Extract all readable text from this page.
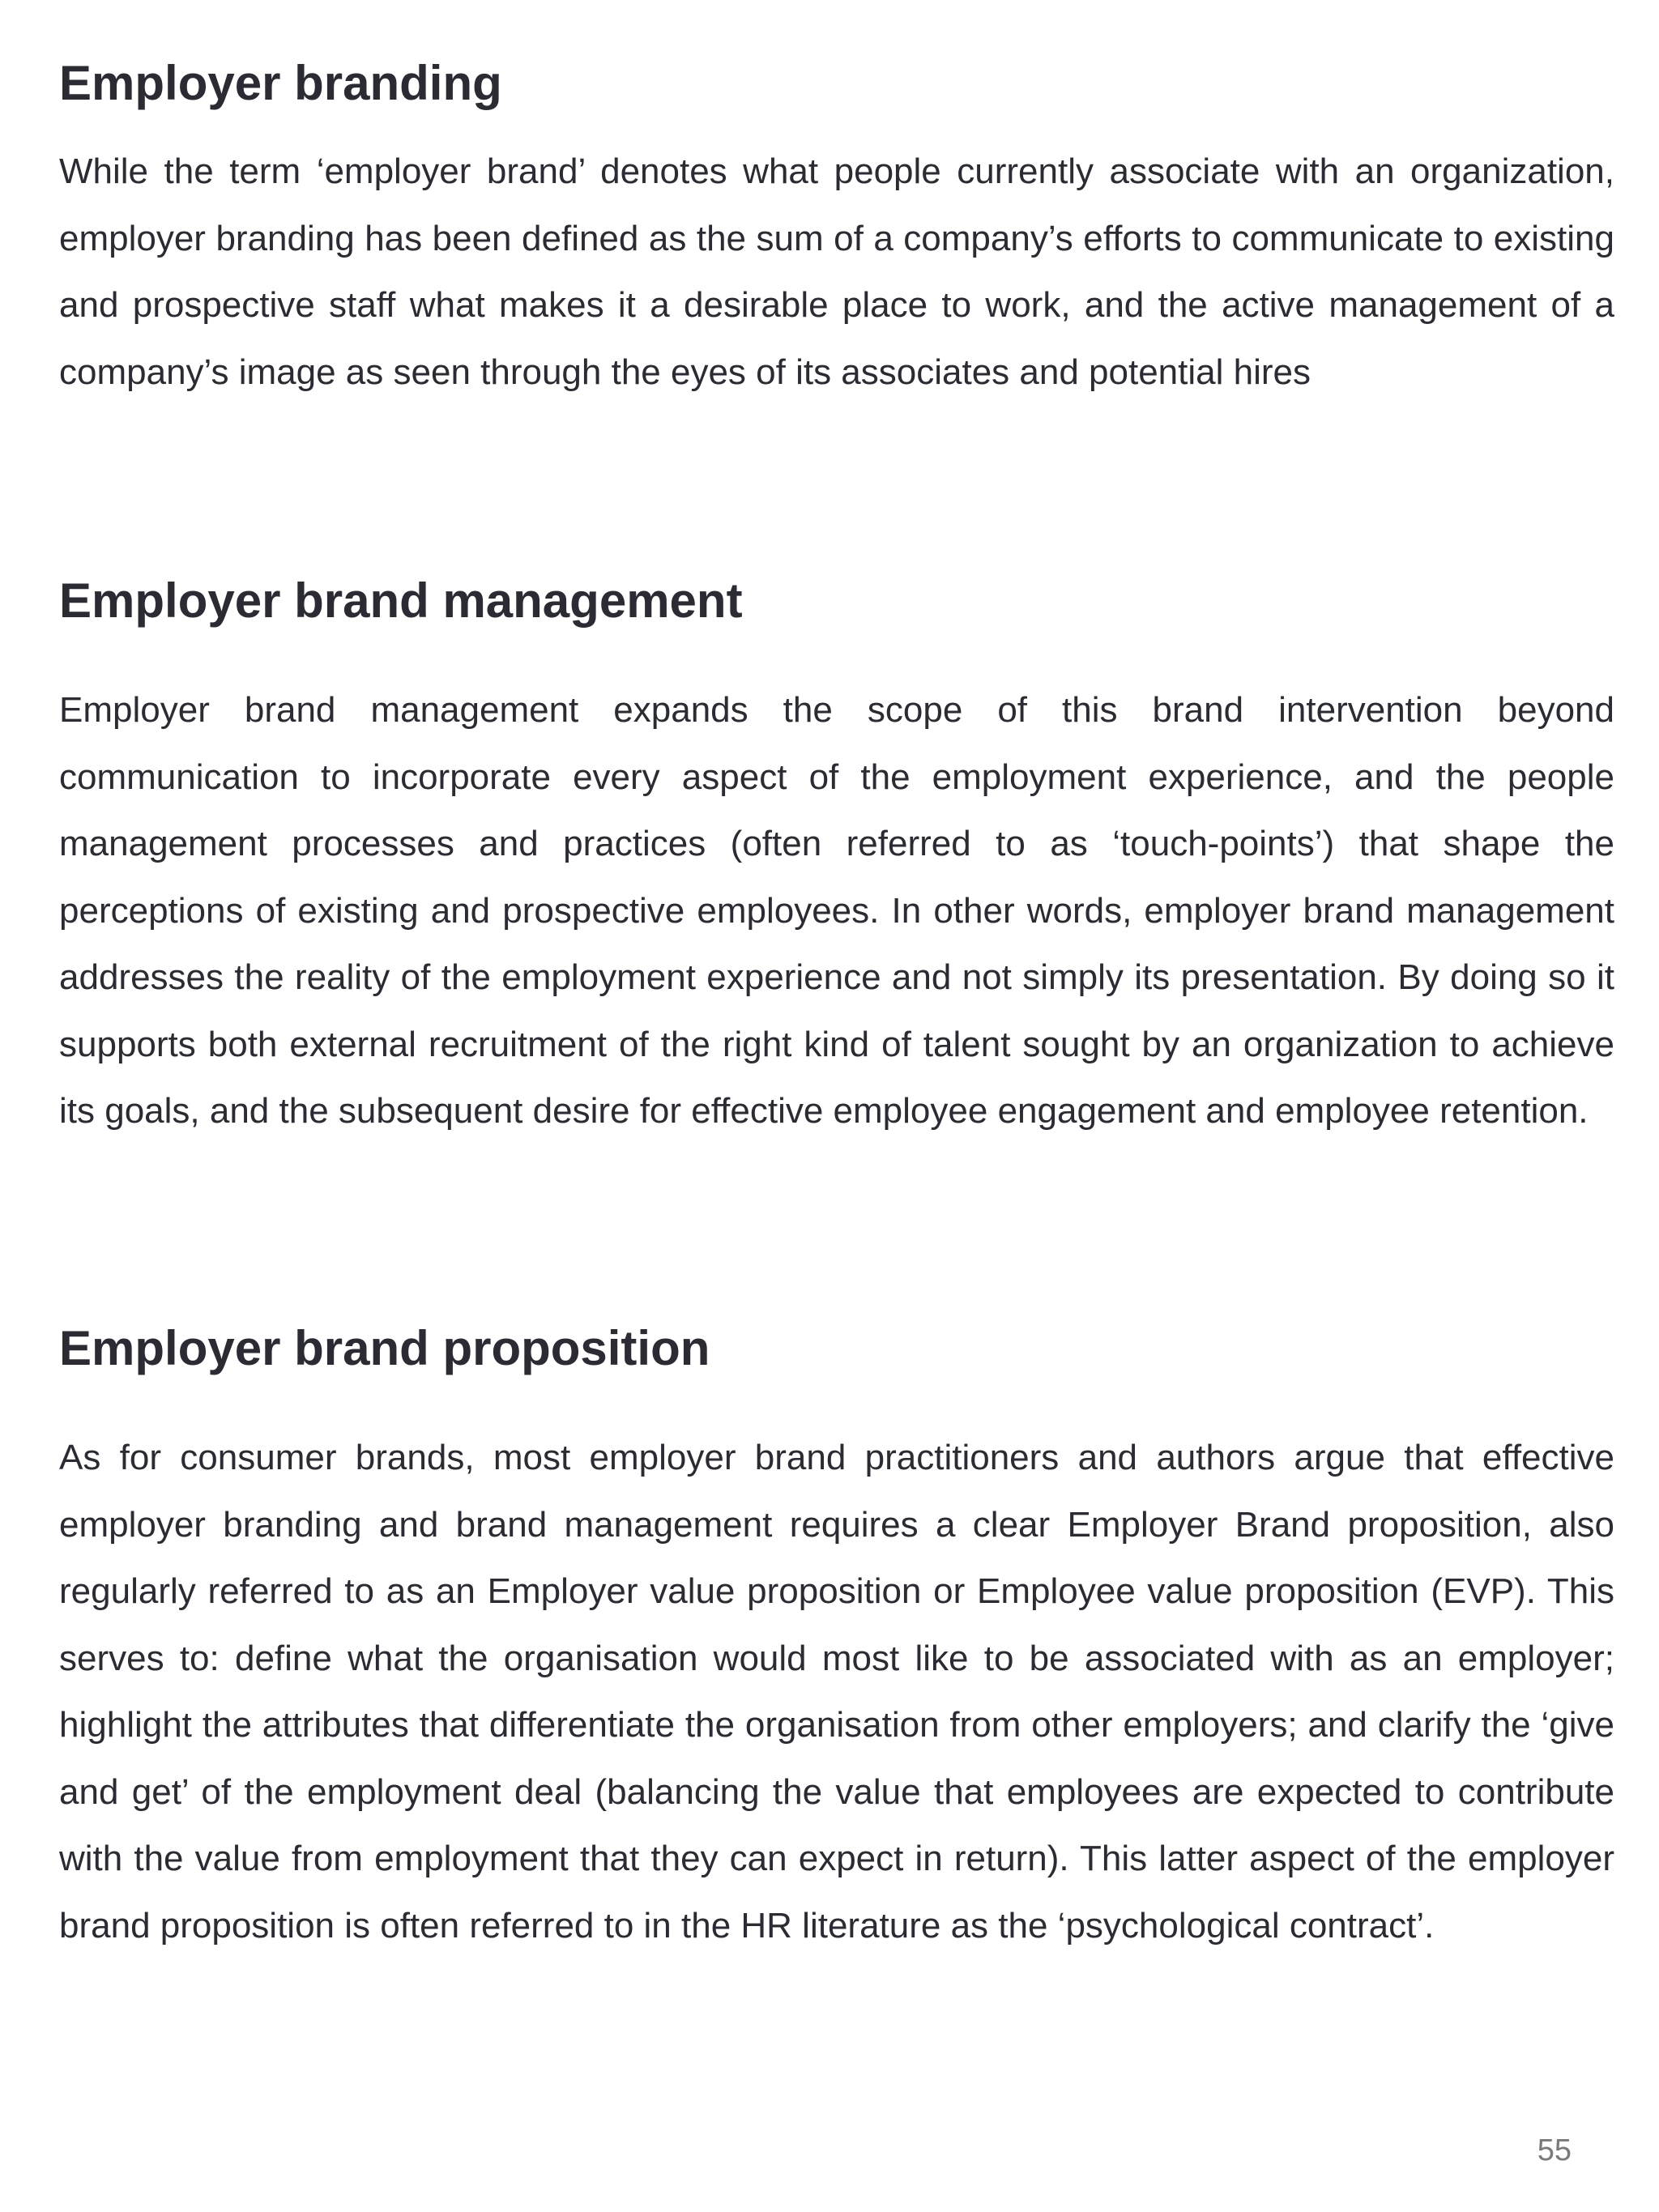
Employer branding

While the term ‘employer brand’ denotes what people currently associate with an organization, employer branding has been defined as the sum of a company’s efforts to communicate to existing and prospective staff what makes it a desirable place to work, and the active management of a company’s image as seen through the eyes of its associates and potential hires

Employer brand management

Employer brand management expands the scope of this brand intervention beyond communication to incorporate every aspect of the employment experience, and the people management processes and practices (often referred to as ‘touch-points’) that shape the perceptions of existing and prospective employees. In other words, employer brand management addresses the reality of the employment experience and not simply its presentation. By doing so it supports both external recruitment of the right kind of talent sought by an organization to achieve its goals, and the subsequent desire for effective employee engagement and employee retention.

Employer brand proposition

As for consumer brands, most employer brand practitioners and authors argue that effective employer branding and brand management requires a clear Employer Brand proposition, also regularly referred to as an Employer value proposition or Employee value proposition (EVP). This serves to: define what the organisation would most like to be associated with as an employer; highlight the attributes that differentiate the organisation from other employers; and clarify the ‘give and get’ of the employment deal (balancing the value that employees are expected to contribute with the value from employment that they can expect in return). This latter aspect of the employer brand proposition is often referred to in the HR literature as the ‘psychological contract’.

55
